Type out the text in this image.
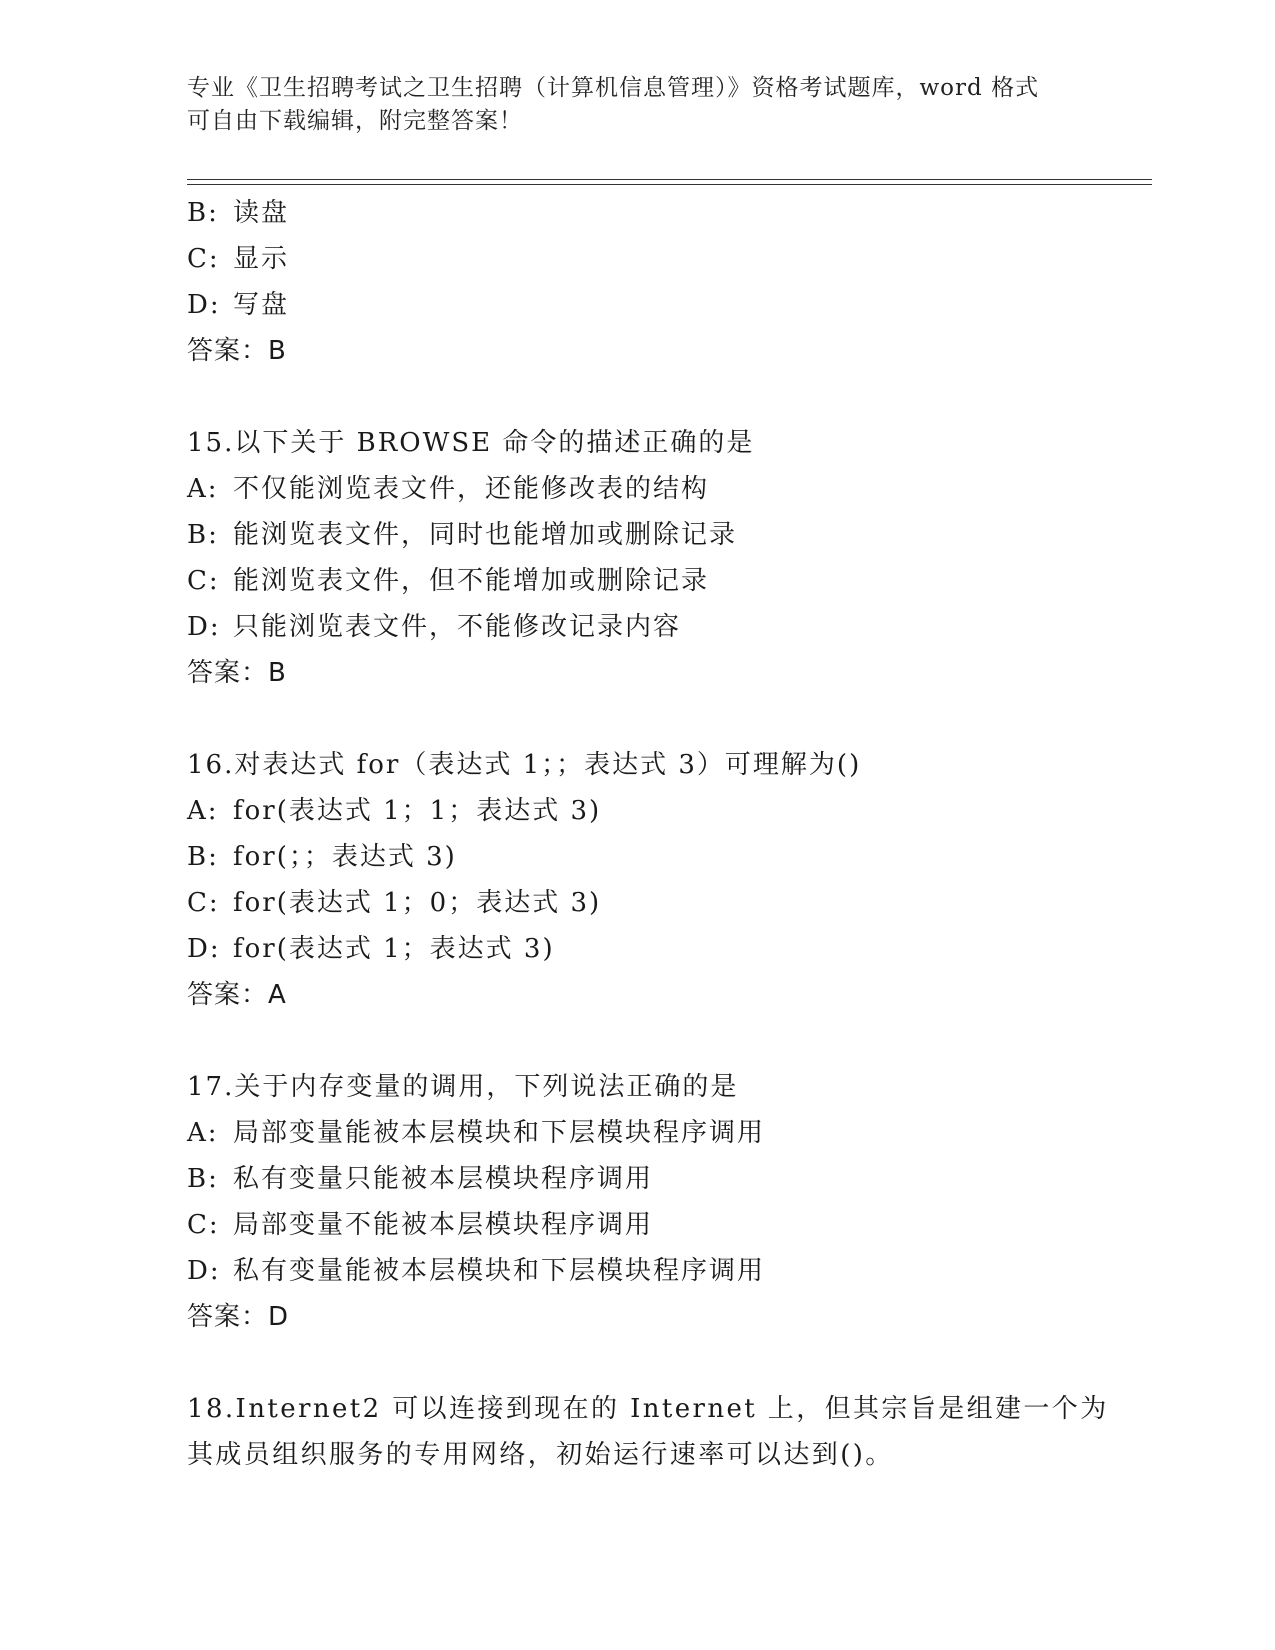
专业《卫生招聘考试之卫生招聘（计算机信息管理）》资格考试题库，word 格式
可自由下载编辑，附完整答案！
B: 读盘
C: 显示
D: 写盘
答案：B
15.以下关于 BROWSE 命令的描述正确的是
A: 不仅能浏览表文件，还能修改表的结构
B: 能浏览表文件，同时也能增加或删除记录
C: 能浏览表文件，但不能增加或删除记录
D: 只能浏览表文件，不能修改记录内容
答案：B
16.对表达式 for（表达式 1；；表达式 3）可理解为()
A: for(表达式 1；1；表达式 3)
B: for(；；表达式 3)
C: for(表达式 1；0；表达式 3)
D: for(表达式 1；表达式 3)
答案：A
17.关于内存变量的调用，下列说法正确的是
A: 局部变量能被本层模块和下层模块程序调用
B: 私有变量只能被本层模块程序调用
C: 局部变量不能被本层模块程序调用
D: 私有变量能被本层模块和下层模块程序调用
答案：D
18.Internet2 可以连接到现在的 Internet 上，但其宗旨是组建一个为
其成员组织服务的专用网络，初始运行速率可以达到()。
